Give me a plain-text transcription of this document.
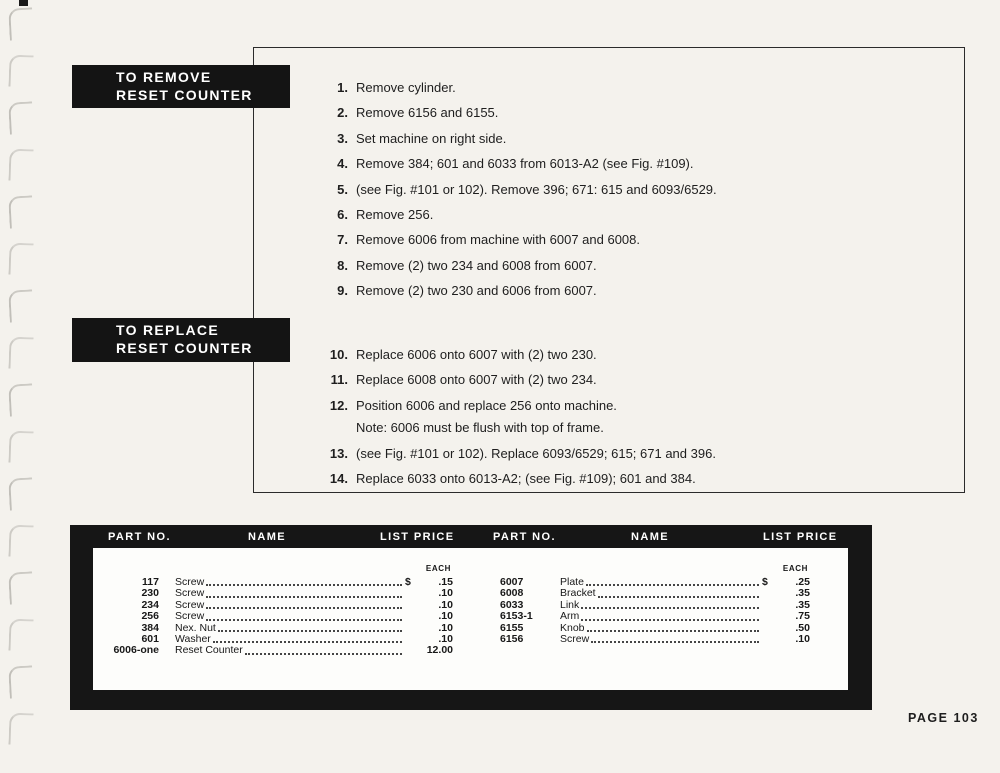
TO REMOVE
RESET COUNTER
TO REPLACE
RESET COUNTER
1. Remove cylinder.
2. Remove 6156 and 6155.
3. Set machine on right side.
4. Remove 384; 601 and 6033 from 6013-A2 (see Fig. #109).
5. (see Fig. #101 or 102). Remove 396; 671: 615 and 6093/6529.
6. Remove 256.
7. Remove 6006 from machine with 6007 and 6008.
8. Remove (2) two 234 and 6008 from 6007.
9. Remove (2) two 230 and 6006 from 6007.
10. Replace 6006 onto 6007 with (2) two 230.
11. Replace 6008 onto 6007 with (2) two 234.
12. Position 6006 and replace 256 onto machine.
Note: 6006 must be flush with top of frame.
13. (see Fig. #101 or 102). Replace 6093/6529; 615; 671 and 396.
14. Replace 6033 onto 6013-A2; (see Fig. #109); 601 and 384.
PART NO.	NAME	LIST PRICE	PART NO.	NAME	LIST PRICE
EACH
117 Screw	$	.15
230 Screw	.10
234 Screw	.10
256 Screw	.10
384 Nex. Nut	.10
601 Washer	.10
6006-one Reset Counter	12.00
EACH
6007	Plate	$	.25
6008	Bracket	.35
6033	Link	.35
6153-1	Arm	.75
6155	Knob	.50
6156	Screw	.10
PAGE 103
